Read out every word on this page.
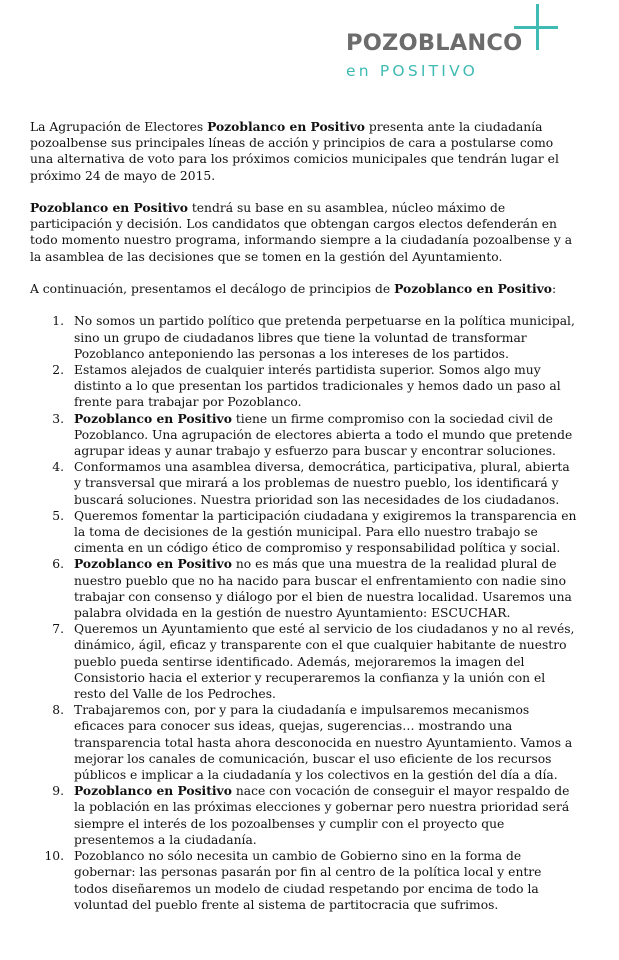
POZOBLANCO
en POSITIVO

La Agrupación de Electores Pozoblanco en Positivo presenta ante la ciudadanía pozoalbense sus principales líneas de acción y principios de cara a postularse como una alternativa de voto para los próximos comicios municipales que tendrán lugar el próximo 24 de mayo de 2015.

Pozoblanco en Positivo tendrá su base en su asamblea, núcleo máximo de participación y decisión. Los candidatos que obtengan cargos electos defenderán en todo momento nuestro programa, informando siempre a la ciudadanía pozoalbense y a la asamblea de las decisiones que se tomen en la gestión del Ayuntamiento.

A continuación, presentamos el decálogo de principios de Pozoblanco en Positivo:

1. No somos un partido político que pretenda perpetuarse en la política municipal, sino un grupo de ciudadanos libres que tiene la voluntad de transformar Pozoblanco anteponiendo las personas a los intereses de los partidos.
2. Estamos alejados de cualquier interés partidista superior. Somos algo muy distinto a lo que presentan los partidos tradicionales y hemos dado un paso al frente para trabajar por Pozoblanco.
3. Pozoblanco en Positivo tiene un firme compromiso con la sociedad civil de Pozoblanco. Una agrupación de electores abierta a todo el mundo que pretende agrupar ideas y aunar trabajo y esfuerzo para buscar y encontrar soluciones.
4. Conformamos una asamblea diversa, democrática, participativa, plural, abierta y transversal que mirará a los problemas de nuestro pueblo, los identificará y buscará soluciones. Nuestra prioridad son las necesidades de los ciudadanos.
5. Queremos fomentar la participación ciudadana y exigiremos la transparencia en la toma de decisiones de la gestión municipal. Para ello nuestro trabajo se cimenta en un código ético de compromiso y responsabilidad política y social.
6. Pozoblanco en Positivo no es más que una muestra de la realidad plural de nuestro pueblo que no ha nacido para buscar el enfrentamiento con nadie sino trabajar con consenso y diálogo por el bien de nuestra localidad. Usaremos una palabra olvidada en la gestión de nuestro Ayuntamiento: ESCUCHAR.
7. Queremos un Ayuntamiento que esté al servicio de los ciudadanos y no al revés, dinámico, ágil, eficaz y transparente con el que cualquier habitante de nuestro pueblo pueda sentirse identificado. Además, mejoraremos la imagen del Consistorio hacia el exterior y recuperaremos la confianza y la unión con el resto del Valle de los Pedroches.
8. Trabajaremos con, por y para la ciudadanía e impulsaremos mecanismos eficaces para conocer sus ideas, quejas, sugerencias… mostrando una transparencia total hasta ahora desconocida en nuestro Ayuntamiento. Vamos a mejorar los canales de comunicación, buscar el uso eficiente de los recursos públicos e implicar a la ciudadanía y los colectivos en la gestión del día a día.
9. Pozoblanco en Positivo nace con vocación de conseguir el mayor respaldo de la población en las próximas elecciones y gobernar pero nuestra prioridad será siempre el interés de los pozoalbenses y cumplir con el proyecto que presentemos a la ciudadanía.
10. Pozoblanco no sólo necesita un cambio de Gobierno sino en la forma de gobernar: las personas pasarán por fin al centro de la política local y entre todos diseñaremos un modelo de ciudad respetando por encima de todo la voluntad del pueblo frente al sistema de partitocracia que sufrimos.
